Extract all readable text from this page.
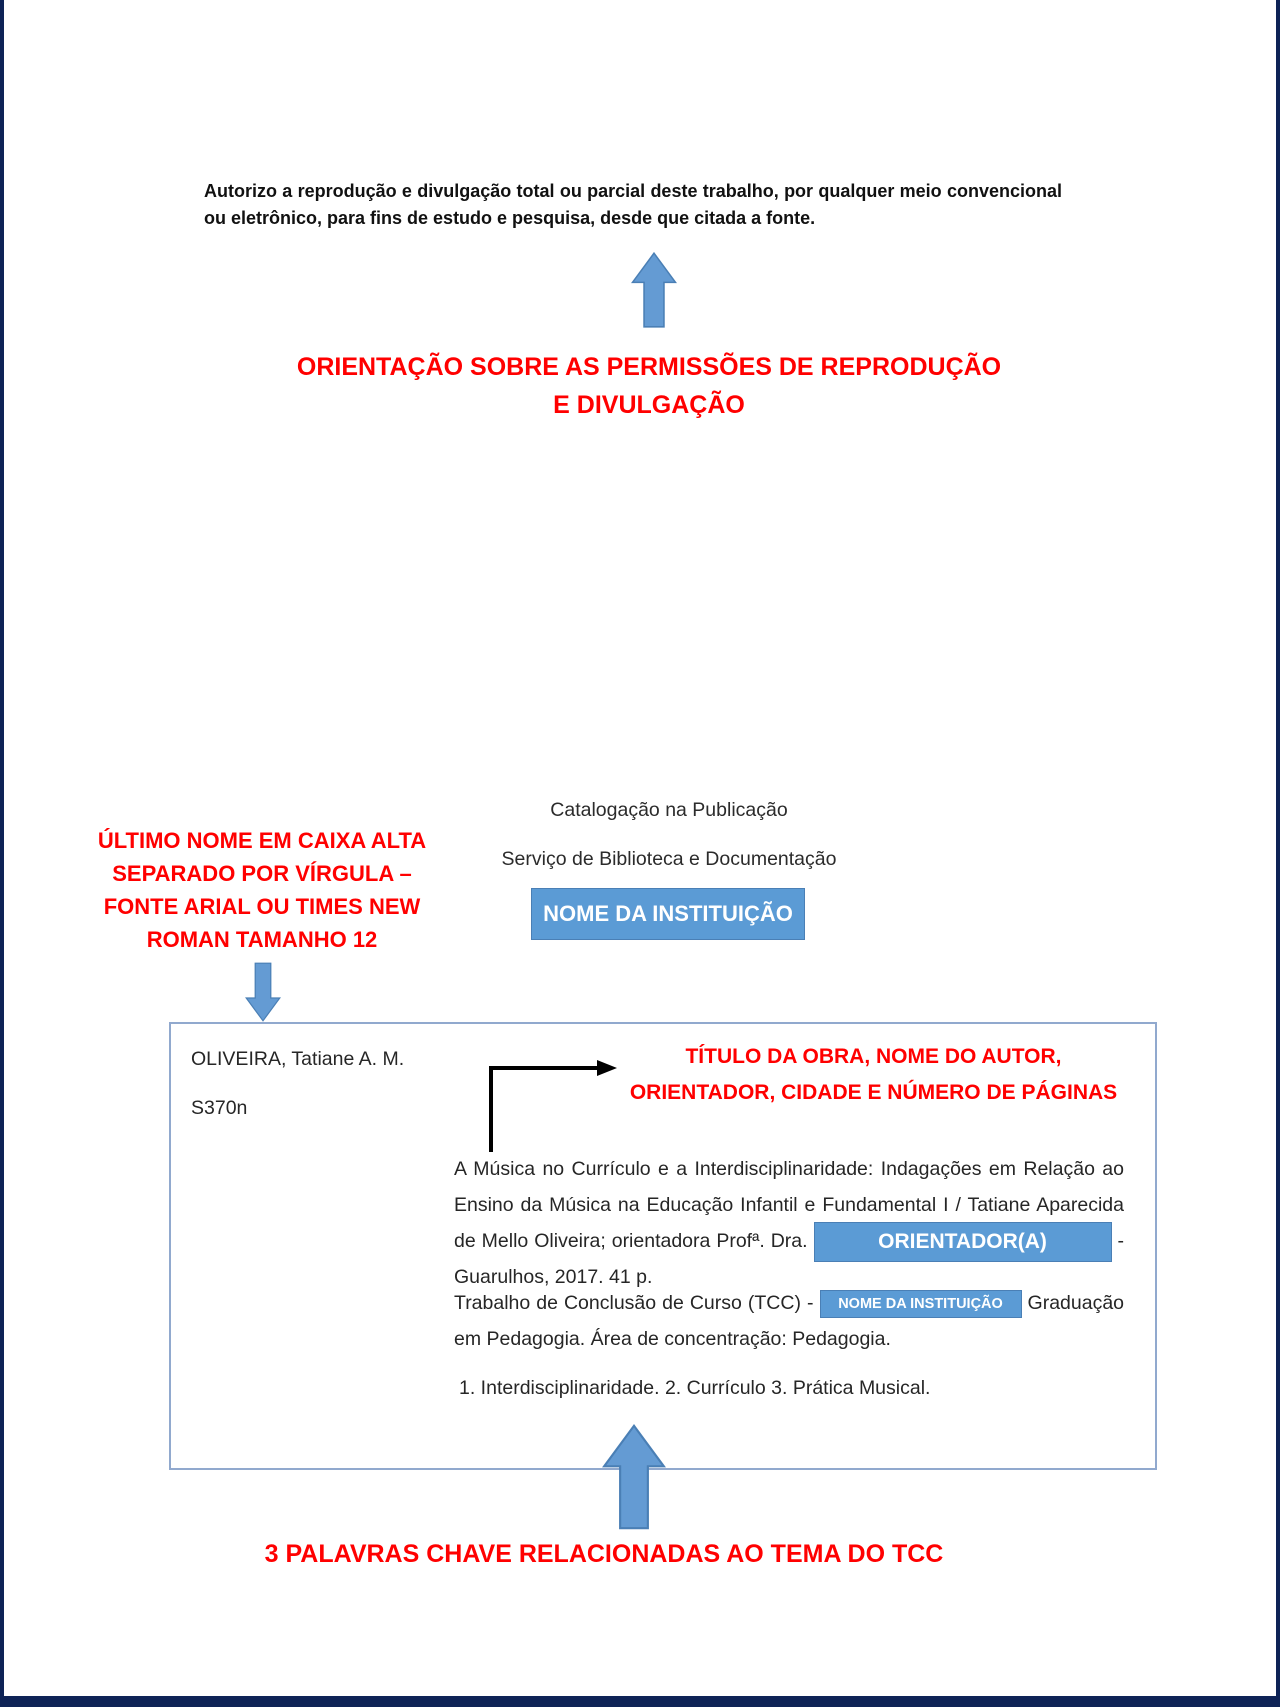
Autorizo a reprodução e divulgação total ou parcial deste trabalho, por qualquer meio convencional ou eletrônico, para fins de estudo e pesquisa, desde que citada a fonte.

ORIENTAÇÃO SOBRE AS PERMISSÕES DE REPRODUÇÃO
E DIVULGAÇÃO
ÚLTIMO NOME EM CAIXA ALTA
SEPARADO POR VÍRGULA –
FONTE ARIAL OU TIMES NEW
ROMAN TAMANHO 12
Catalogação na Publicação
Serviço de Biblioteca e Documentação
NOME DA INSTITUIÇÃO
OLIVEIRA, Tatiane A. M.
S370n
TÍTULO DA OBRA, NOME DO AUTOR,
ORIENTADOR, CIDADE E NÚMERO DE PÁGINAS
A Música no Currículo e a Interdisciplinaridade: Indagações em Relação ao
Ensino da Música na Educação Infantil e Fundamental I / Tatiane Aparecida
de Mello Oliveira; orientadora Profª. Dra.	ORIENTADOR(A)	-
Guarulhos, 2017. 41 p.
Trabalho de Conclusão de Curso (TCC) - NOME DA INSTITUIÇÃO Graduação
em Pedagogia. Área de concentração: Pedagogia.
1. Interdisciplinaridade. 2. Currículo 3. Prática Musical.
3 PALAVRAS CHAVE RELACIONADAS AO TEMA DO TCC
